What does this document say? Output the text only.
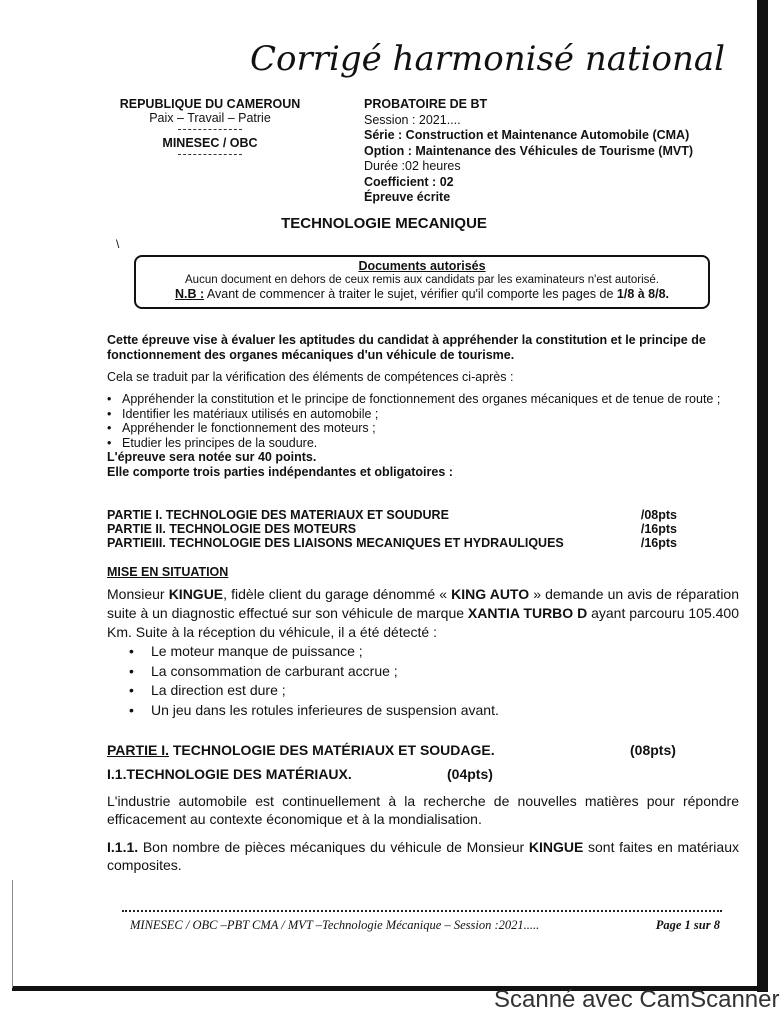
Corrigé harmonisé national
REPUBLIQUE DU CAMEROUN
Paix – Travail – Patrie
MINESEC / OBC
PROBATOIRE DE BT
Session : 2021....
Série : Construction et Maintenance Automobile (CMA)
Option : Maintenance des Véhicules de Tourisme (MVT)
Durée :02 heures
Coefficient : 02
Épreuve écrite
TECHNOLOGIE MECANIQUE
\
Documents autorisés
Aucun document en dehors de ceux remis aux candidats par les examinateurs n'est autorisé.
N.B : Avant de commencer à traiter le sujet, vérifier qu'il comporte les pages de 1/8 à 8/8.

Cette épreuve vise à évaluer les aptitudes du candidat à appréhender la constitution et le principe de fonctionnement des organes mécaniques d'un véhicule de tourisme.

Cela se traduit par la vérification des éléments de compétences ci-après :

• Appréhender la constitution et le principe de fonctionnement des organes mécaniques et de tenue de route ;
• Identifier les matériaux utilisés en automobile ;
• Appréhender le fonctionnement des moteurs ;
• Etudier les principes de la soudure.
L'épreuve sera notée sur 40 points.
Elle comporte trois parties indépendantes et obligatoires :
PARTIE I. TECHNOLOGIE DES MATERIAUX ET SOUDURE	/08pts
PARTIE II. TECHNOLOGIE DES MOTEURS	/16pts
PARTIEIII. TECHNOLOGIE DES LIAISONS MECANIQUES ET HYDRAULIQUES	/16pts
MISE EN SITUATION
Monsieur KINGUE, fidèle client du garage dénommé « KING AUTO » demande un avis de réparation suite à un diagnostic effectué sur son véhicule de marque XANTIA TURBO D ayant parcouru 105.400 Km. Suite à la réception du véhicule, il a été détecté :
• Le moteur manque de puissance ;
• La consommation de carburant accrue ;
• La direction est dure ;
• Un jeu dans les rotules inferieures de suspension avant.
PARTIE I. TECHNOLOGIE DES MATÉRIAUX ET SOUDAGE.	(08pts)
I.1.TECHNOLOGIE DES MATÉRIAUX.	(04pts)
L'industrie automobile est continuellement à la recherche de nouvelles matières pour répondre efficacement au contexte économique et à la mondialisation.
I.1.1. Bon nombre de pièces mécaniques du véhicule de Monsieur KINGUE sont faites en matériaux composites.
MINESEC / OBC –PBT CMA / MVT –Technologie Mécanique – Session :2021.....	Page 1 sur 8
Scanné avec CamScanner
